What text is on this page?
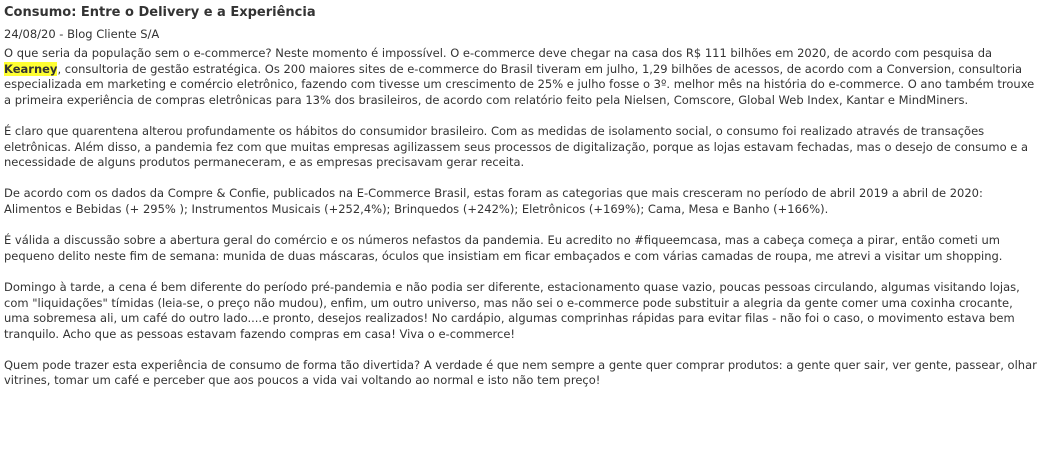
Consumo: Entre o Delivery e a Experiência
24/08/20 - Blog Cliente S/A

O que seria da população sem o e-commerce? Neste momento é impossível. O e-commerce deve chegar na casa dos R$ 111 bilhões em 2020, de acordo com pesquisa da Kearney, consultoria de gestão estratégica. Os 200 maiores sites de e-commerce do Brasil tiveram em julho, 1,29 bilhões de acessos, de acordo com a Conversion, consultoria especializada em marketing e comércio eletrônico, fazendo com tivesse um crescimento de 25% e julho fosse o 3º. melhor mês na história do e-commerce. O ano também trouxe a primeira experiência de compras eletrônicas para 13% dos brasileiros, de acordo com relatório feito pela Nielsen, Comscore, Global Web Index, Kantar e MindMiners.

É claro que quarentena alterou profundamente os hábitos do consumidor brasileiro. Com as medidas de isolamento social, o consumo foi realizado através de transações eletrônicas. Além disso, a pandemia fez com que muitas empresas agilizassem seus processos de digitalização, porque as lojas estavam fechadas, mas o desejo de consumo e a necessidade de alguns produtos permaneceram, e as empresas precisavam gerar receita.

De acordo com os dados da Compre & Confie, publicados na E-Commerce Brasil, estas foram as categorias que mais cresceram no período de abril 2019 a abril de 2020: Alimentos e Bebidas (+ 295% ); Instrumentos Musicais (+252,4%); Brinquedos (+242%); Eletrônicos (+169%); Cama, Mesa e Banho (+166%).

É válida a discussão sobre a abertura geral do comércio e os números nefastos da pandemia. Eu acredito no #fiqueemcasa, mas a cabeça começa a pirar, então cometi um pequeno delito neste fim de semana: munida de duas máscaras, óculos que insistiam em ficar embaçados e com várias camadas de roupa, me atrevi a visitar um shopping.

Domingo à tarde, a cena é bem diferente do período pré-pandemia e não podia ser diferente, estacionamento quase vazio, poucas pessoas circulando, algumas visitando lojas, com "liquidações" tímidas (leia-se, o preço não mudou), enfim, um outro universo, mas não sei o e-commerce pode substituir a alegria da gente comer uma coxinha crocante, uma sobremesa ali, um café do outro lado....e pronto, desejos realizados! No cardápio, algumas comprinhas rápidas para evitar filas - não foi o caso, o movimento estava bem tranquilo. Acho que as pessoas estavam fazendo compras em casa! Viva o e-commerce!

Quem pode trazer esta experiência de consumo de forma tão divertida? A verdade é que nem sempre a gente quer comprar produtos: a gente quer sair, ver gente, passear, olhar vitrines, tomar um café e perceber que aos poucos a vida vai voltando ao normal e isto não tem preço!
